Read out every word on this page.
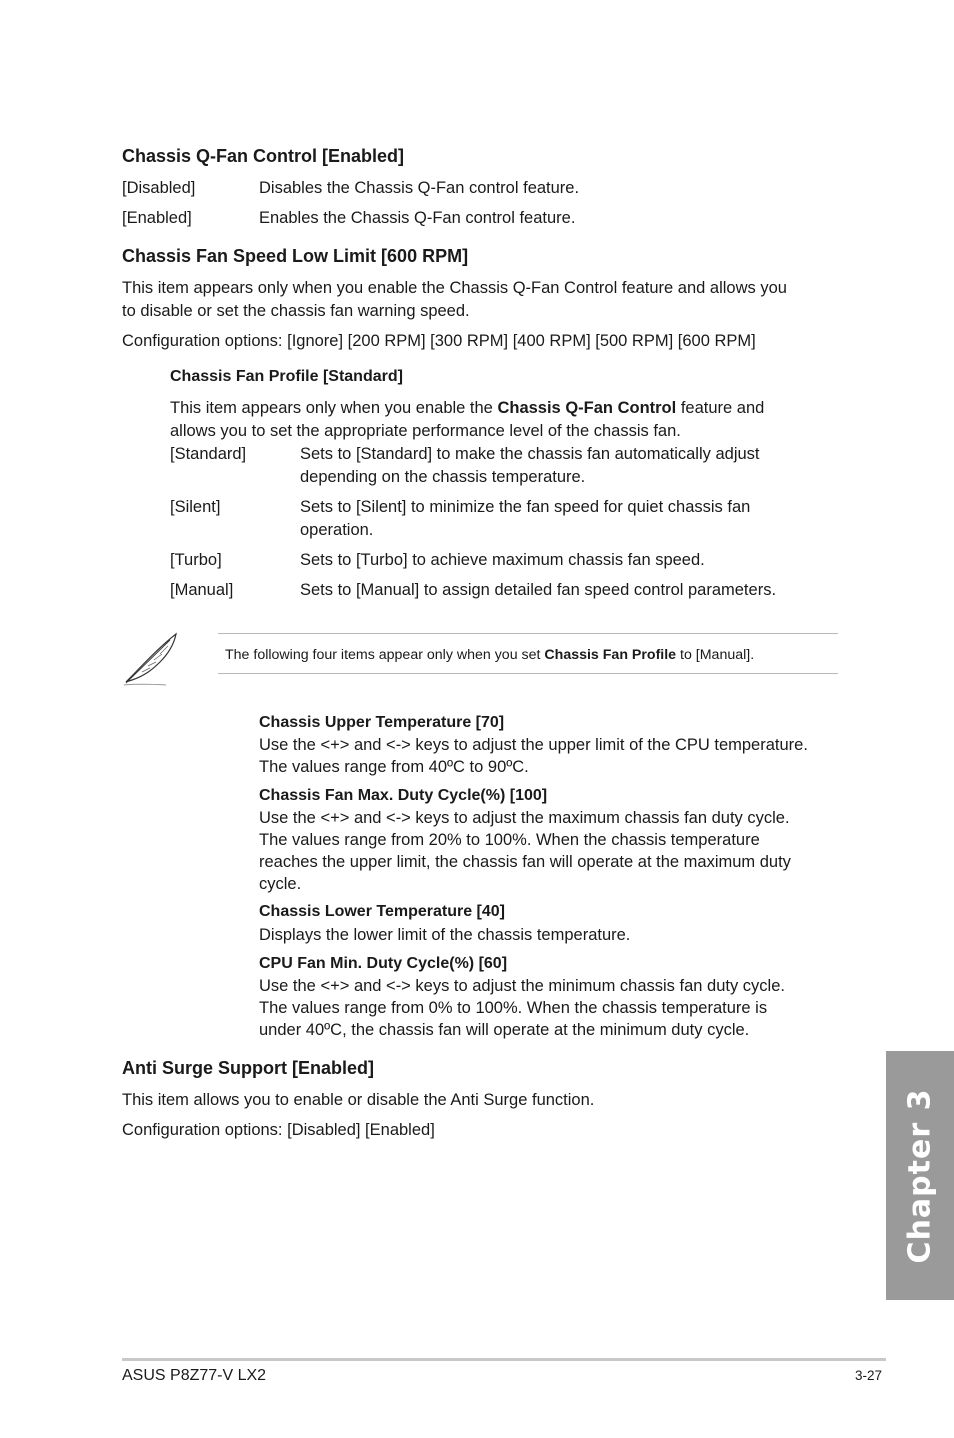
Chassis Q-Fan Control [Enabled]
[Disabled]	Disables the Chassis Q-Fan control feature.
[Enabled]	Enables the Chassis Q-Fan control feature.
Chassis Fan Speed Low Limit [600 RPM]
This item appears only when you enable the Chassis Q-Fan Control feature and allows you
to disable or set the chassis fan warning speed.
Configuration options: [Ignore] [200 RPM] [300 RPM] [400 RPM] [500 RPM] [600 RPM]
Chassis Fan Profile [Standard]
This item appears only when you enable the Chassis Q-Fan Control feature and
allows you to set the appropriate performance level of the chassis fan.
[Standard]	Sets to [Standard] to make the chassis fan automatically adjust
depending on the chassis temperature.
[Silent]	Sets to [Silent] to minimize the fan speed for quiet chassis fan
operation.
[Turbo]	Sets to [Turbo] to achieve maximum chassis fan speed.
[Manual]	Sets to [Manual] to assign detailed fan speed control parameters.
The following four items appear only when you set Chassis Fan Profile to [Manual].
Chassis Upper Temperature [70]
Use the <+> and <-> keys to adjust the upper limit of the CPU temperature.
The values range from 40ºC to 90ºC.
Chassis Fan Max. Duty Cycle(%) [100]
Use the <+> and <-> keys to adjust the maximum chassis fan duty cycle.
The values range from 20% to 100%. When the chassis temperature
reaches the upper limit, the chassis fan will operate at the maximum duty
cycle.
Chassis Lower Temperature [40]
Displays the lower limit of the chassis temperature.
CPU Fan Min. Duty Cycle(%) [60]
Use the <+> and <-> keys to adjust the minimum chassis fan duty cycle.
The values range from 0% to 100%. When the chassis temperature is
under 40ºC, the chassis fan will operate at the minimum duty cycle.
Anti Surge Support [Enabled]
This item allows you to enable or disable the Anti Surge function.
Configuration options: [Disabled] [Enabled]	Chapter 3
ASUS P8Z77-V LX2	3-27
